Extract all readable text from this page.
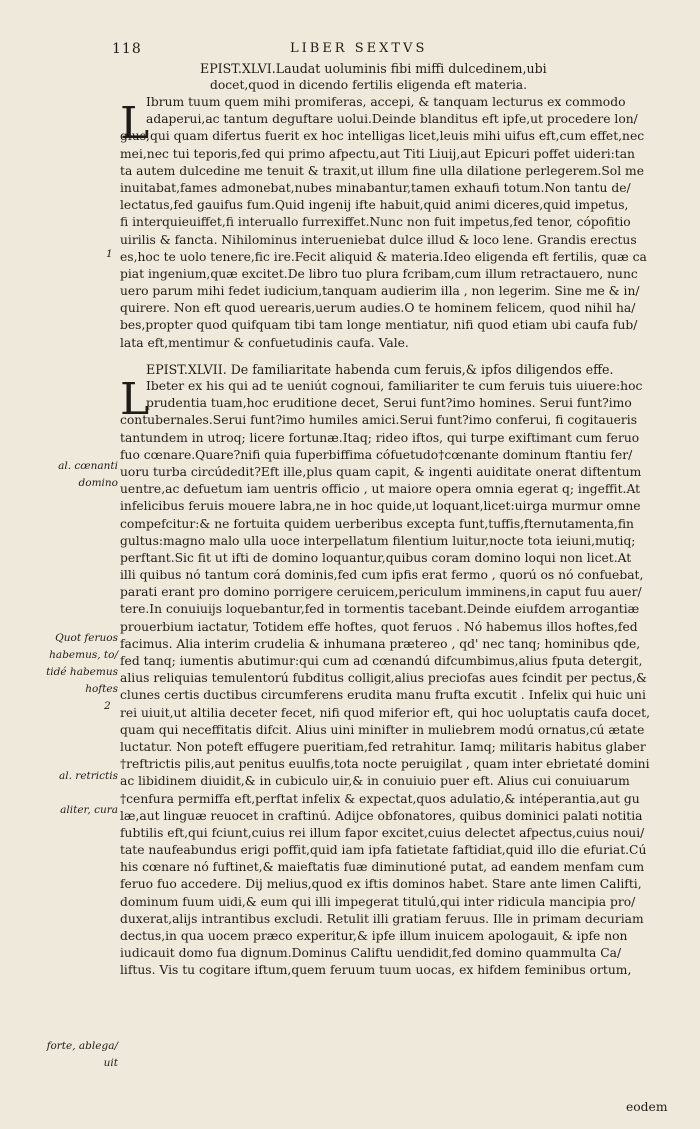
118	LIBER SEXTVS
L
L
EPIST.XLVI.Laudat uoluminis fibi miffi dulcedinem,ubi
docet,quod in dicendo fertilis eligenda eft materia.
Ibrum tuum quem mihi promiferas, accepi, & tanquam lecturus ex commodo
adaperui,ac tantum deguftare uolui.Deinde blanditus eft ipfe,ut procedere lon/
gius,qui quam difertus fuerit ex hoc intelligas licet,leuis mihi uifus eft,cum effet,nec
mei,nec tui teporis,fed qui primo afpectu,aut Titi Liuij,aut Epicuri poffet uideri:tan
ta autem dulcedine me tenuit & traxit,ut illum fine ulla dilatione perlegerem.Sol me
inuitabat,fames admonebat,nubes minabantur,tamen exhaufi totum.Non tantu de/
lectatus,fed gauifus fum.Quid ingenij ifte habuit,quid animi diceres,quid impetus,
fi interquieuiffet,fi interuallo furrexiffet.Nunc non fuit impetus,fed tenor, cópofitio
uirilis & fancta. Nihilominus interueniebat dulce illud & loco lene. Grandis erectus
es,hoc te uolo tenere,fic ire.Fecit aliquid & materia.Ideo eligenda eft fertilis, quæ ca
piat ingenium,quæ excitet.De libro tuo plura fcribam,cum illum retractauero, nunc
uero parum mihi fedet iudicium,tanquam audierim illa , non legerim. Sine me & in/
quirere. Non eft quod uerearis,uerum audies.O te hominem felicem, quod nihil ha/
bes,propter quod quifquam tibi tam longe mentiatur, nifi quod etiam ubi caufa fub/
lata eft,mentimur & confuetudinis caufa. Vale.
EPIST.XLVII. De familiaritate habenda cum feruis,& ipfos diligendos effe.
Ibeter ex his qui ad te ueniút cognoui, familiariter te cum feruis tuis uiuere:hoc
prudentia tuam,hoc eruditione decet, Serui funt?imo homines. Serui funt?imo
contubernales.Serui funt?imo humiles amici.Serui funt?imo conferui, fi cogitaueris
tantundem in utroq; licere fortunæ.Itaq; rideo iftos, qui turpe exiftimant cum feruo
fuo cœnare.Quare?nifi quia fuperbiffima cófuetudo†cœnante dominum ftantiu fer/
uoru turba circúdedit?Eft ille,plus quam capit, & ingenti auiditate onerat diftentum
uentre,ac defuetum iam uentris officio , ut maiore opera omnia egerat q; ingeffit.At
infelicibus feruis mouere labra,ne in hoc quide,ut loquant,licet:uirga murmur omne
compefcitur:& ne fortuita quidem uerberibus excepta funt,tuffis,fternutamenta,fin
gultus:magno malo ulla uoce interpellatum filentium luitur,nocte tota ieiuni,mutiq;
perftant.Sic fit ut ifti de domino loquantur,quibus coram domino loqui non licet.At
illi quibus nó tantum corá dominis,fed cum ipfis erat fermo , quorú os nó confuebat,
parati erant pro domino porrigere ceruicem,periculum imminens,in caput fuu auer/
tere.In conuiuijs loquebantur,fed in tormentis tacebant.Deinde eiufdem arrogantiæ
prouerbium iactatur, Totidem effe hoftes, quot feruos . Nó habemus illos hoftes,fed
facimus. Alia interim crudelia & inhumana prætereo , qd' nec tanq; hominibus qde,
fed tanq; iumentis abutimur:qui cum ad cœnandú difcumbimus,alius fputa detergit,
alius reliquias temulentorú fubditus colligit,alius preciofas aues fcindit per pectus,&
clunes certis ductibus circumferens erudita manu frufta excutit . Infelix qui huic uni
rei uiuit,ut altilia deceter fecet, nifi quod miferior eft, qui hoc uoluptatis caufa docet,
quam qui neceffitatis difcit. Alius uini minifter in muliebrem modú ornatus,cú ætate
luctatur. Non poteft effugere pueritiam,fed retrahitur. Iamq; militaris habitus glaber
†reftrictis pilis,aut penitus euulfis,tota nocte peruigilat , quam inter ebrietaté domini
ac libidinem diuidit,& in cubiculo uir,& in conuiuio puer eft. Alius cui conuiuarum
†cenfura permiffa eft,perftat infelix & expectat,quos adulatio,& intéperantia,aut gu
læ,aut linguæ reuocet in craftinú. Adijce obfonatores, quibus dominici palati notitia
fubtilis eft,qui fciunt,cuius rei illum fapor excitet,cuius delectet afpectus,cuius noui/
tate naufeabundus erigi poffit,quid iam ipfa fatietate faftidiat,quid illo die efuriat.Cú
his cœnare nó fuftinet,& maieftatis fuæ diminutioné putat, ad eandem menfam cum
feruo fuo accedere. Dij melius,quod ex iftis dominos habet. Stare ante limen Califti,
dominum fuum uidi,& eum qui illi impegerat titulú,qui inter ridicula mancipia pro/
duxerat,alijs intrantibus excludi. Retulit illi gratiam feruus. Ille in primam decuriam
dectus,in qua uocem præco experitur,& ipfe illum inuicem apologauit, & ipfe non
iudicauit domo fua dignum.Dominus Califtu uendidit,fed domino quammulta Ca/
liftus. Vis tu cogitare iftum,quem feruum tuum uocas, ex hifdem feminibus ortum,
eodem
1
al. cœnanti
domino
Quot feruos
habemus, to/
tidé habemus
hoftes
2
al. retrictis
aliter, cura
forte, ablega/
uit
